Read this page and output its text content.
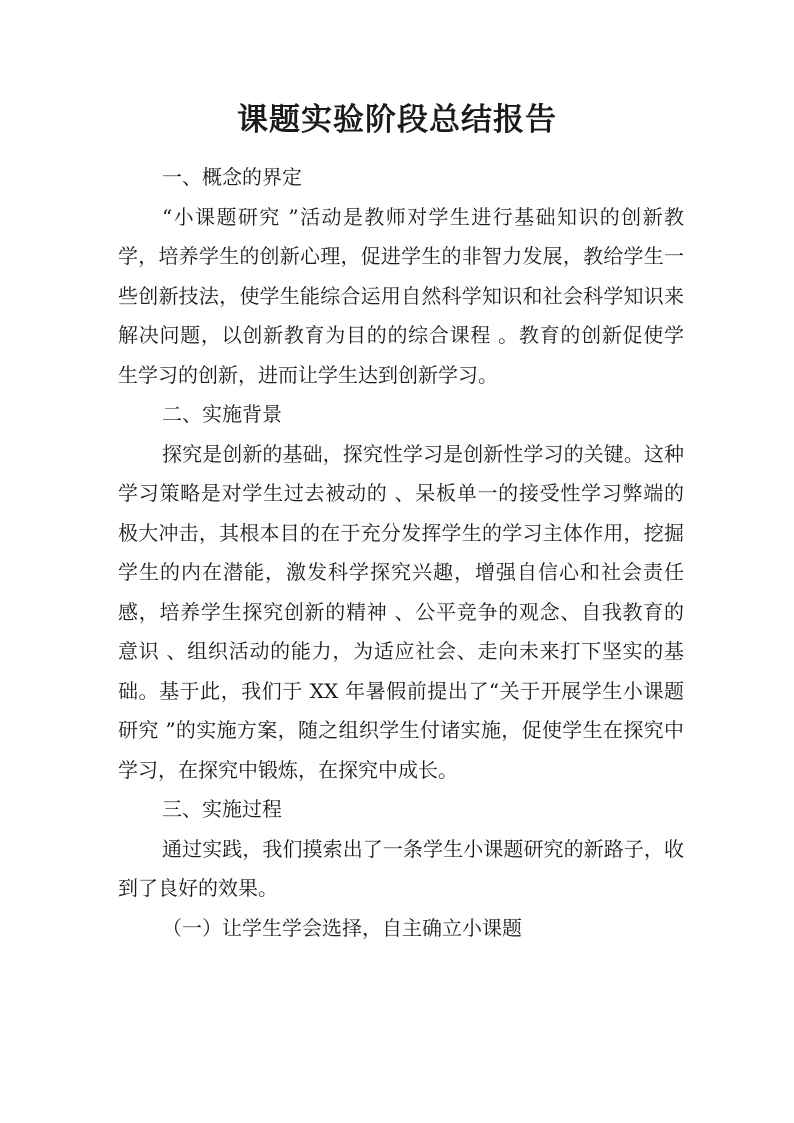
课题实验阶段总结报告

一、概念的界定

“小课题研究 ”活动是教师对学生进行基础知识的创新教学，培养学生的创新心理，促进学生的非智力发展，教给学生一些创新技法，使学生能综合运用自然科学知识和社会科学知识来解决问题，以创新教育为目的的综合课程 。教育的创新促使学生学习的创新，进而让学生达到创新学习。

二、实施背景

探究是创新的基础，探究性学习是创新性学习的关键。这种学习策略是对学生过去被动的 、呆板单一的接受性学习弊端的极大冲击，其根本目的在于充分发挥学生的学习主体作用，挖掘学生的内在潜能，激发科学探究兴趣，增强自信心和社会责任感，培养学生探究创新的精神 、公平竞争的观念、自我教育的意识 、组织活动的能力，为适应社会、走向未来打下坚实的基础。基于此，我们于 XX 年暑假前提出了“关于开展学生小课题研究 ”的实施方案，随之组织学生付诸实施，促使学生在探究中学习，在探究中锻炼，在探究中成长。

三、实施过程

通过实践，我们摸索出了一条学生小课题研究的新路子，收到了良好的效果。

（一）让学生学会选择，自主确立小课题
